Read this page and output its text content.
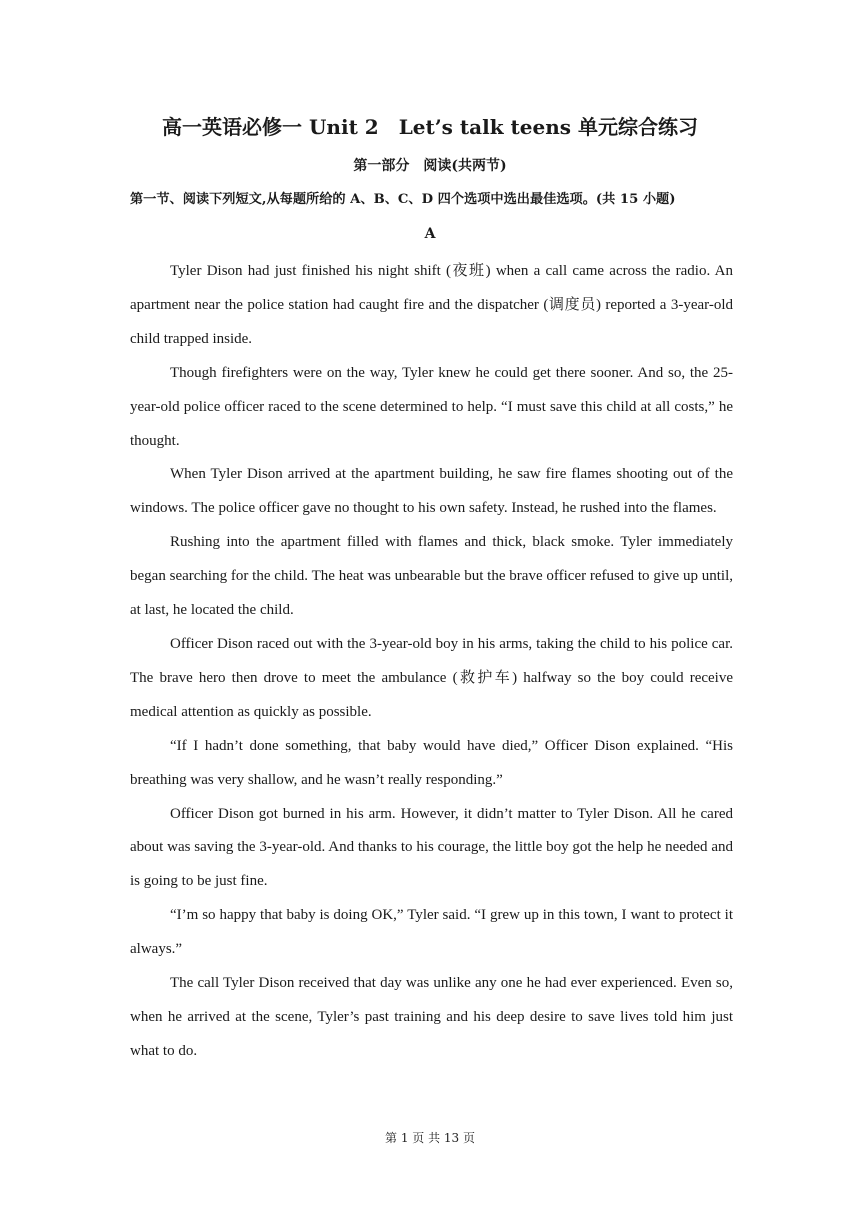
高一英语必修一 Unit 2　Let’s talk teens 单元综合练习
第一部分　阅读(共两节)
第一节、阅读下列短文,从每题所给的 A、B、C、D 四个选项中选出最佳选项。(共 15 小题)
A

Tyler Dison had just finished his night shift (夜班) when a call came across the radio. An apartment near the police station had caught fire and the dispatcher (调度员) reported a 3-year-old child trapped inside.

Though firefighters were on the way, Tyler knew he could get there sooner. And so, the 25-year-old police officer raced to the scene determined to help. “I must save this child at all costs,” he thought.

When Tyler Dison arrived at the apartment building, he saw fire flames shooting out of the windows. The police officer gave no thought to his own safety. Instead, he rushed into the flames.

Rushing into the apartment filled with flames and thick, black smoke. Tyler immediately began searching for the child. The heat was unbearable but the brave officer refused to give up until, at last, he located the child.

Officer Dison raced out with the 3-year-old boy in his arms, taking the child to his police car. The brave hero then drove to meet the ambulance (救护车) halfway so the boy could receive medical attention as quickly as possible.

“If I hadn’t done something, that baby would have died,” Officer Dison explained. “His breathing was very shallow, and he wasn’t really responding.”

Officer Dison got burned in his arm. However, it didn’t matter to Tyler Dison. All he cared about was saving the 3-year-old. And thanks to his courage, the little boy got the help he needed and is going to be just fine.

“I’m so happy that baby is doing OK,” Tyler said. “I grew up in this town, I want to protect it always.”

The call Tyler Dison received that day was unlike any one he had ever experienced. Even so, when he arrived at the scene, Tyler’s past training and his deep desire to save lives told him just what to do.

第 1 页 共 13 页
